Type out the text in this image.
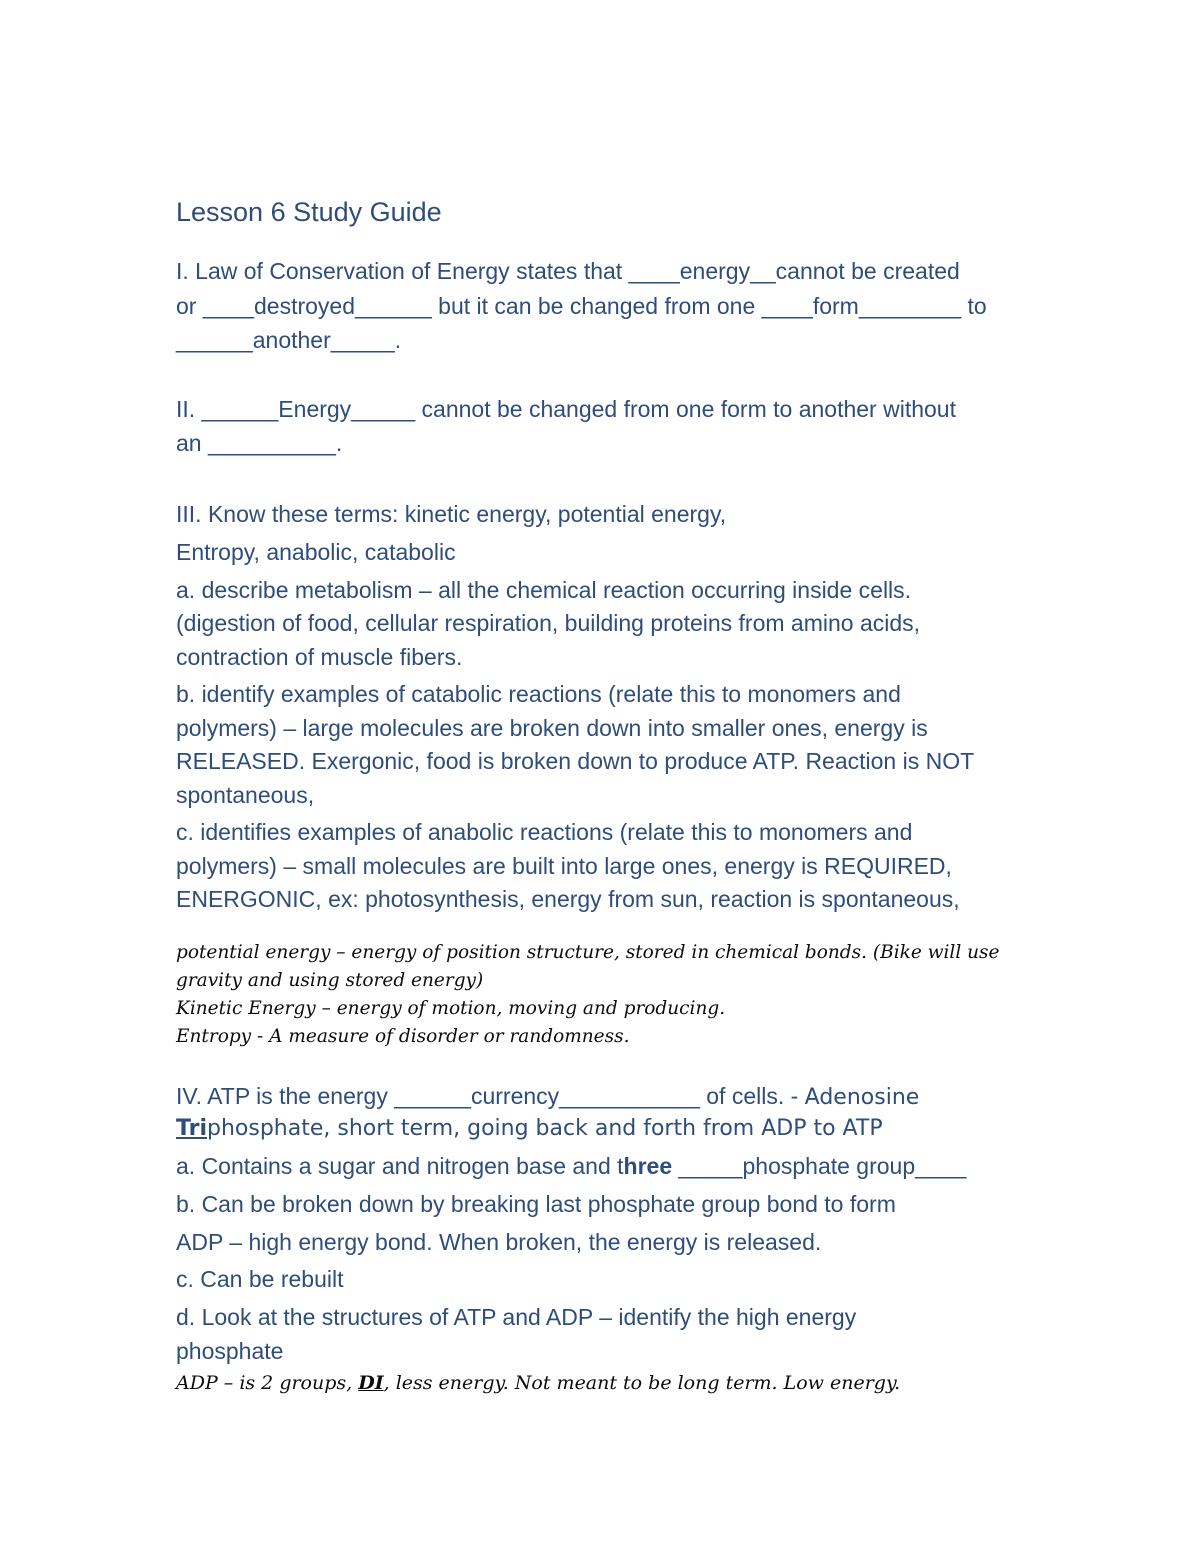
Lesson 6 Study Guide

I. Law of Conservation of Energy states that ____energy__cannot be created

or ____destroyed______ but it can be changed from one ____form________ to

______another_____.

II. ______Energy_____ cannot be changed from one form to another without

an __________.

III. Know these terms: kinetic energy, potential energy,

Entropy, anabolic, catabolic

a. describe metabolism – all the chemical reaction occurring inside cells.

(digestion of food, cellular respiration, building proteins from amino acids,

contraction of muscle fibers.

b. identify examples of catabolic reactions (relate this to monomers and

polymers) – large molecules are broken down into smaller ones, energy is

RELEASED. Exergonic, food is broken down to produce ATP. Reaction is NOT

spontaneous,

c. identifies examples of anabolic reactions (relate this to monomers and

polymers) – small molecules are built into large ones, energy is REQUIRED,

ENERGONIC, ex: photosynthesis, energy from sun, reaction is spontaneous,

potential energy – energy of position structure, stored in chemical bonds. (Bike will use

gravity and using stored energy)

Kinetic Energy – energy of motion, moving and producing.

Entropy - A measure of disorder or randomness.

IV. ATP is the energy ______currency___________ of cells. - Adenosine

Triphosphate, short term, going back and forth from ADP to ATP

a. Contains a sugar and nitrogen base and three _____phosphate group____

b. Can be broken down by breaking last phosphate group bond to form

ADP – high energy bond. When broken, the energy is released.

c. Can be rebuilt

d. Look at the structures of ATP and ADP – identify the high energy

phosphate

ADP – is 2 groups, DI, less energy. Not meant to be long term. Low energy.
